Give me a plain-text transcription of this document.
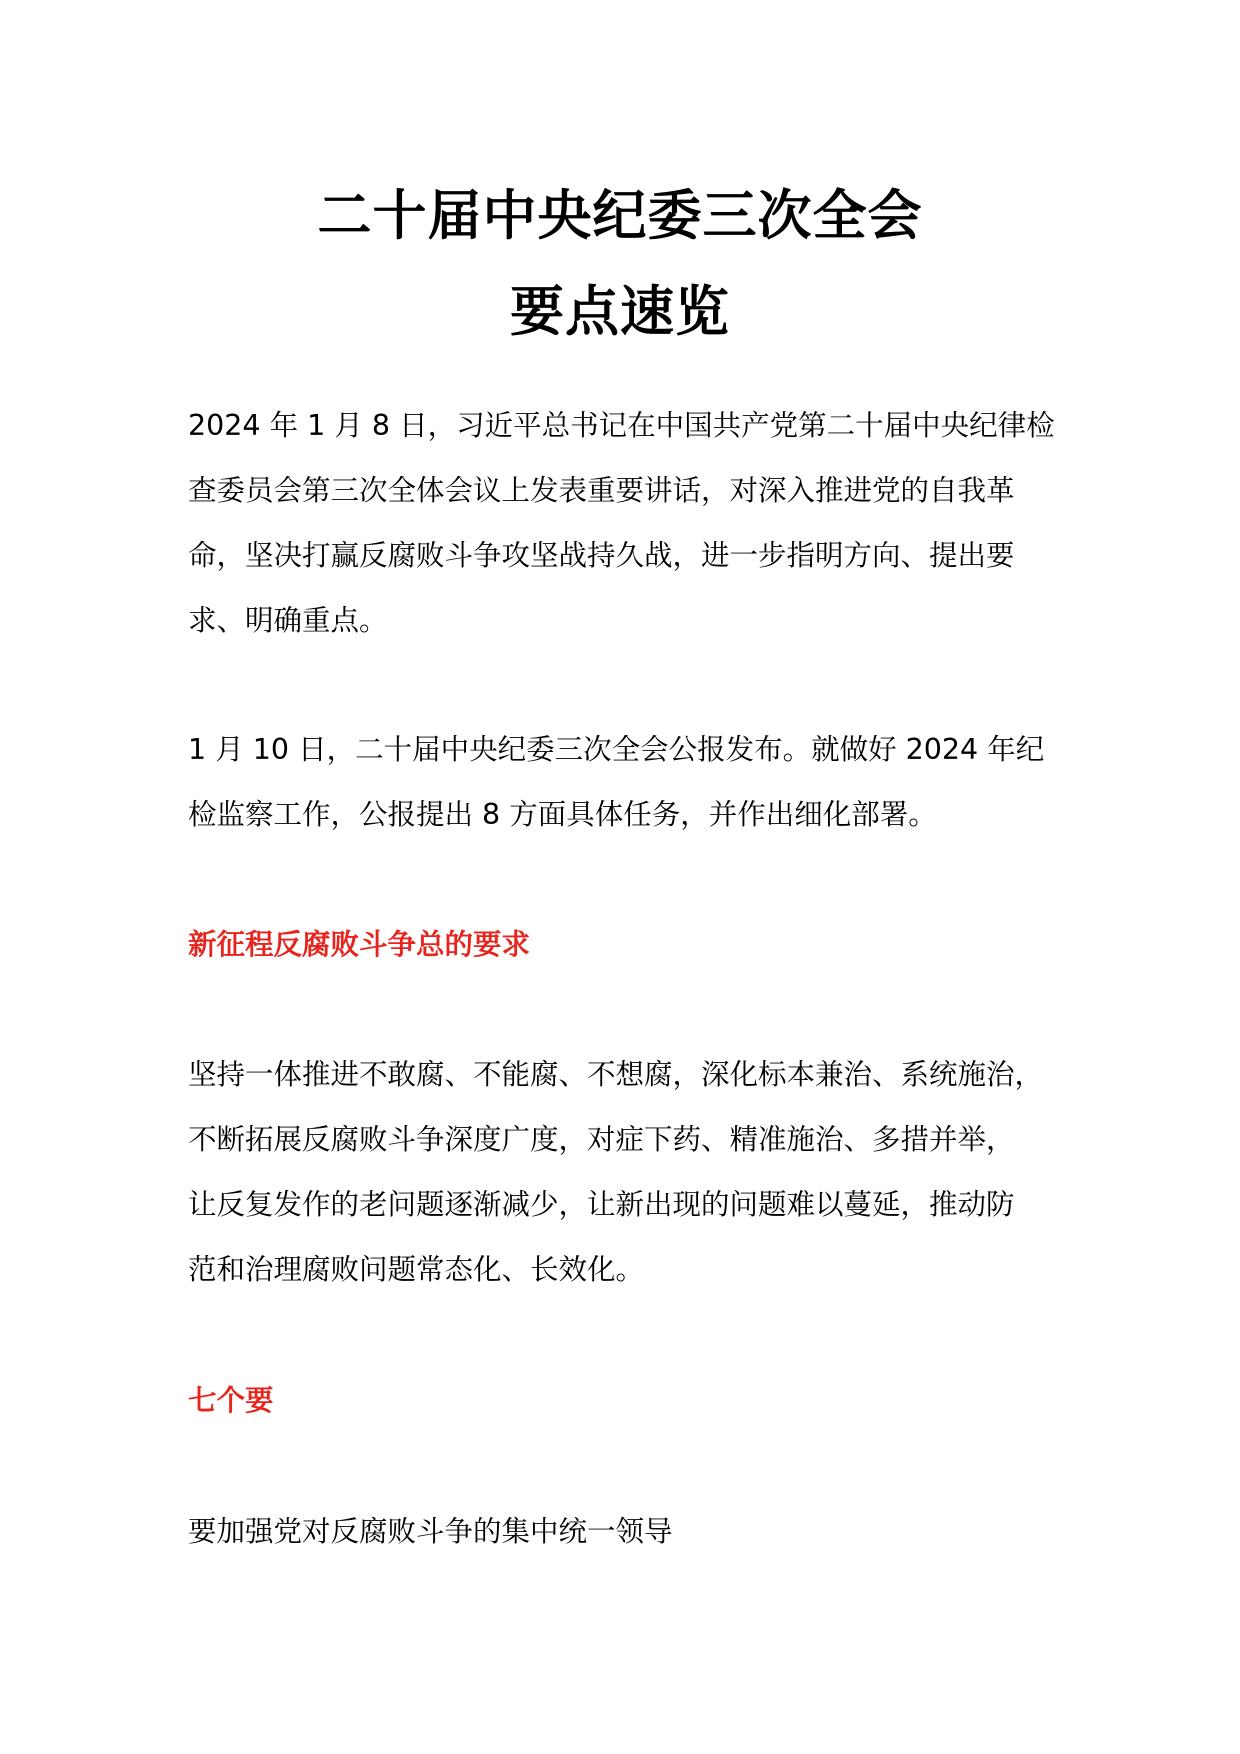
二十届中央纪委三次全会
要点速览
2024 年 1 月 8 日，习近平总书记在中国共产党第二十届中央纪律检
查委员会第三次全体会议上发表重要讲话，对深入推进党的自我革
命，坚决打赢反腐败斗争攻坚战持久战，进一步指明方向、提出要
求、明确重点。
1 月 10 日，二十届中央纪委三次全会公报发布。就做好 2024 年纪
检监察工作，公报提出 8 方面具体任务，并作出细化部署。
新征程反腐败斗争总的要求
坚持一体推进不敢腐、不能腐、不想腐，深化标本兼治、系统施治，
不断拓展反腐败斗争深度广度，对症下药、精准施治、多措并举，
让反复发作的老问题逐渐减少，让新出现的问题难以蔓延，推动防
范和治理腐败问题常态化、长效化。
七个要
要加强党对反腐败斗争的集中统一领导
